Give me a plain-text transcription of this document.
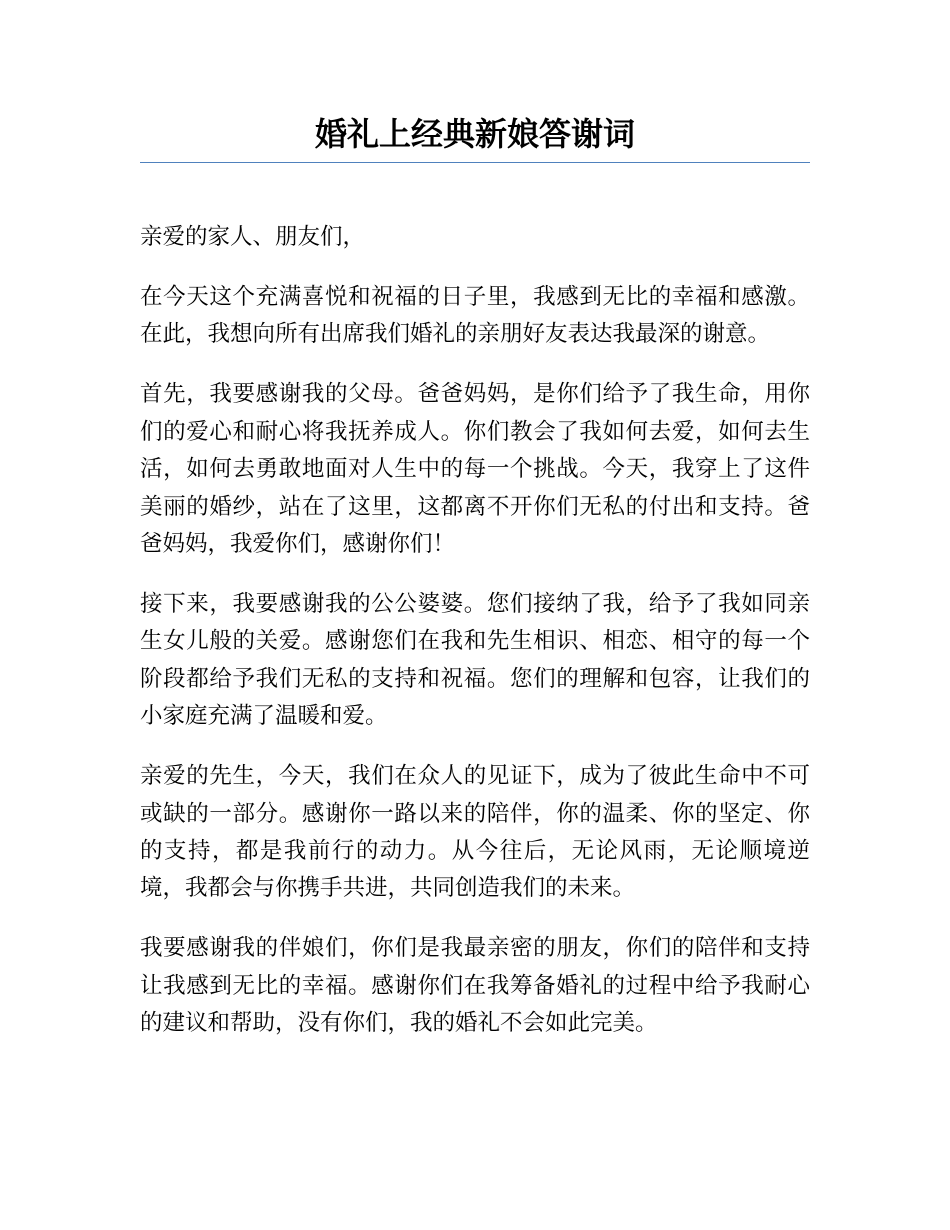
婚礼上经典新娘答谢词

亲爱的家人、朋友们，

在今天这个充满喜悦和祝福的日子里，我感到无比的幸福和感激。在此，我想向所有出席我们婚礼的亲朋好友表达我最深的谢意。

首先，我要感谢我的父母。爸爸妈妈，是你们给予了我生命，用你们的爱心和耐心将我抚养成人。你们教会了我如何去爱，如何去生活，如何去勇敢地面对人生中的每一个挑战。今天，我穿上了这件美丽的婚纱，站在了这里，这都离不开你们无私的付出和支持。爸爸妈妈，我爱你们，感谢你们！

接下来，我要感谢我的公公婆婆。您们接纳了我，给予了我如同亲生女儿般的关爱。感谢您们在我和先生相识、相恋、相守的每一个阶段都给予我们无私的支持和祝福。您们的理解和包容，让我们的小家庭充满了温暖和爱。

亲爱的先生，今天，我们在众人的见证下，成为了彼此生命中不可或缺的一部分。感谢你一路以来的陪伴，你的温柔、你的坚定、你的支持，都是我前行的动力。从今往后，无论风雨，无论顺境逆境，我都会与你携手共进，共同创造我们的未来。

我要感谢我的伴娘们，你们是我最亲密的朋友，你们的陪伴和支持让我感到无比的幸福。感谢你们在我筹备婚礼的过程中给予我耐心的建议和帮助，没有你们，我的婚礼不会如此完美。
